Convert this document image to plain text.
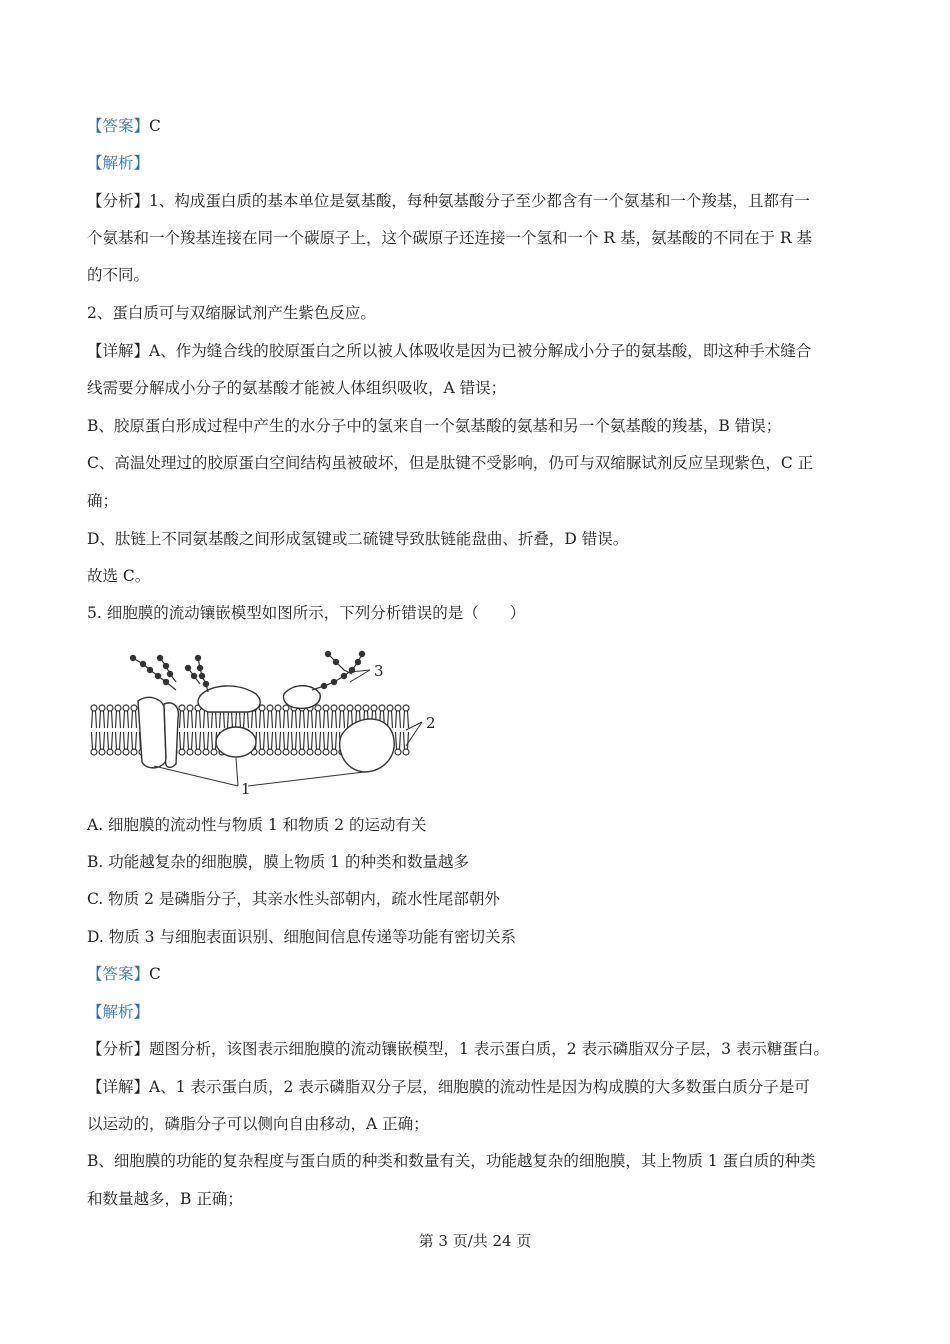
【答案】C
【解析】
【分析】1、构成蛋白质的基本单位是氨基酸，每种氨基酸分子至少都含有一个氨基和一个羧基，且都有一
个氨基和一个羧基连接在同一个碳原子上，这个碳原子还连接一个氢和一个 R 基，氨基酸的不同在于 R 基
的不同。
2、蛋白质可与双缩脲试剂产生紫色反应。
【详解】A、作为缝合线的胶原蛋白之所以被人体吸收是因为已被分解成小分子的氨基酸，即这种手术缝合
线需要分解成小分子的氨基酸才能被人体组织吸收，A 错误；
B、胶原蛋白形成过程中产生的水分子中的氢来自一个氨基酸的氨基和另一个氨基酸的羧基，B 错误；
C、高温处理过的胶原蛋白空间结构虽被破坏，但是肽键不受影响，仍可与双缩脲试剂反应呈现紫色，C 正
确；
D、肽链上不同氨基酸之间形成氢键或二硫键导致肽链能盘曲、折叠，D 错误。
故选 C。
5. 细胞膜的流动镶嵌模型如图所示，下列分析错误的是（　　）
3
2
1
A. 细胞膜的流动性与物质 1 和物质 2 的运动有关
B. 功能越复杂的细胞膜，膜上物质 1 的种类和数量越多
C. 物质 2 是磷脂分子，其亲水性头部朝内，疏水性尾部朝外
D. 物质 3 与细胞表面识别、细胞间信息传递等功能有密切关系
【答案】C
【解析】
【分析】题图分析，该图表示细胞膜的流动镶嵌模型，1 表示蛋白质，2 表示磷脂双分子层，3 表示糖蛋白。
【详解】A、1 表示蛋白质，2 表示磷脂双分子层，细胞膜的流动性是因为构成膜的大多数蛋白质分子是可
以运动的，磷脂分子可以侧向自由移动，A 正确；
B、细胞膜的功能的复杂程度与蛋白质的种类和数量有关，功能越复杂的细胞膜，其上物质 1 蛋白质的种类
和数量越多，B 正确；
第 3 页/共 24 页
